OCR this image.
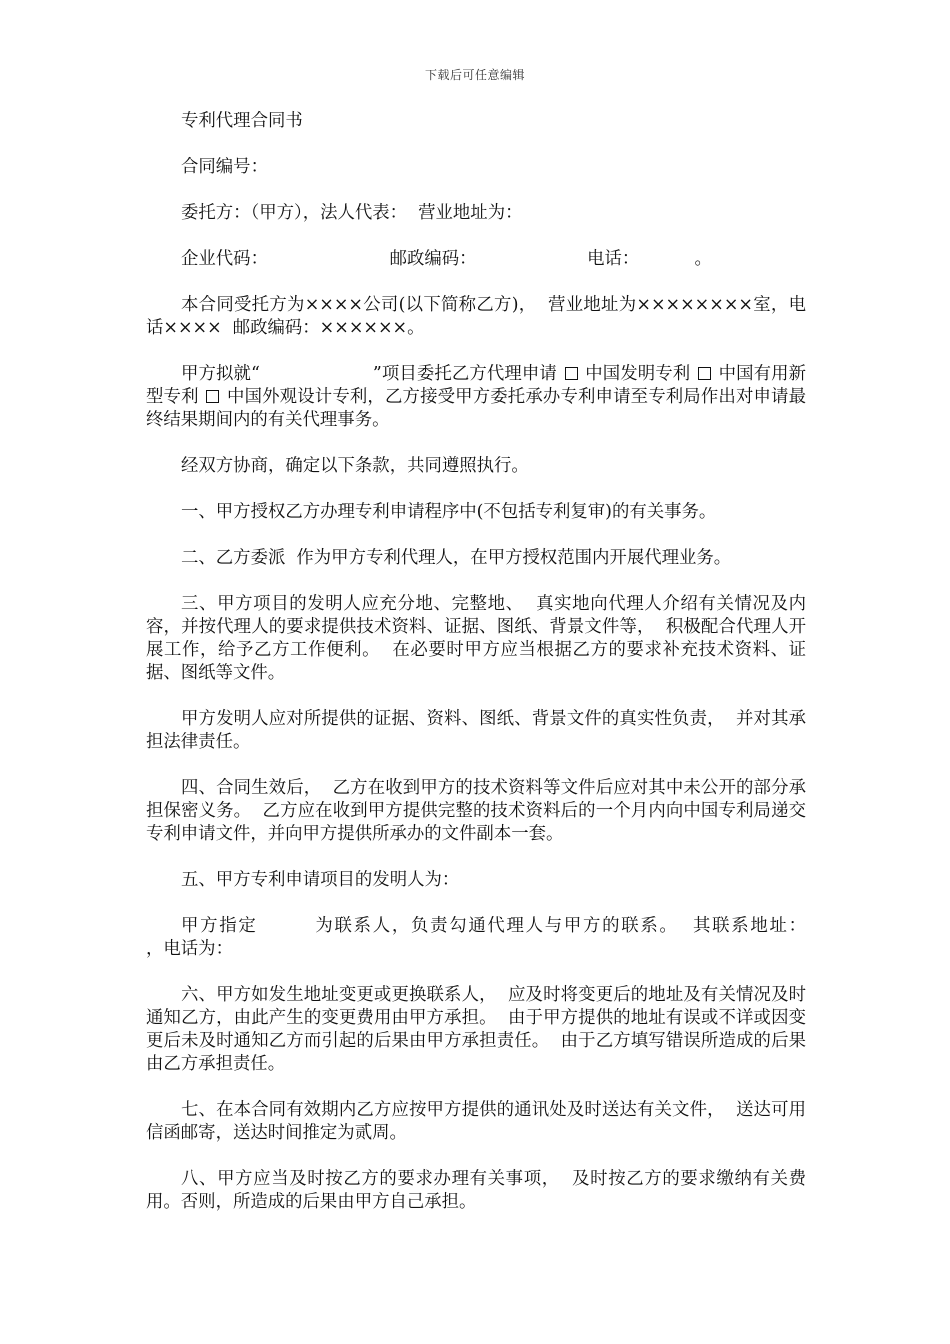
下载后可任意编辑

专利代理合同书

合同编号：

委托方：（甲方），法人代表：  营业地址为：

企业代码：                      邮政编码：                    电话：          。

本合同受托方为××××公司(以下简称乙方)，  营业地址为××××××××室，电话××××  邮政编码：××××××。

甲方拟就“                    ”项目委托乙方代理申请 中国发明专利 中国有用新型专利 中国外观设计专利，乙方接受甲方委托承办专利申请至专利局作出对申请最终结果期间内的有关代理事务。

经双方协商，确定以下条款，共同遵照执行。

一、甲方授权乙方办理专利申请程序中(不包括专利复审)的有关事务。

二、乙方委派  作为甲方专利代理人，在甲方授权范围内开展代理业务。

三、甲方项目的发明人应充分地、完整地、  真实地向代理人介绍有关情况及内容，并按代理人的要求提供技术资料、证据、图纸、背景文件等，  积极配合代理人开展工作，给予乙方工作便利。  在必要时甲方应当根据乙方的要求补充技术资料、证据、图纸等文件。

甲方发明人应对所提供的证据、资料、图纸、背景文件的真实性负责，  并对其承担法律责任。

四、合同生效后，  乙方在收到甲方的技术资料等文件后应对其中未公开的部分承担保密义务。  乙方应在收到甲方提供完整的技术资料后的一个月内向中国专利局递交专利申请文件，并向甲方提供所承办的文件副本一套。

五、甲方专利申请项目的发明人为：

甲方指定        为联系人，负责勾通代理人与甲方的联系。  其联系地址：                    ，电话为：

六、甲方如发生地址变更或更换联系人，  应及时将变更后的地址及有关情况及时通知乙方，由此产生的变更费用由甲方承担。  由于甲方提供的地址有误或不详或因变更后未及时通知乙方而引起的后果由甲方承担责任。  由于乙方填写错误所造成的后果由乙方承担责任。

七、在本合同有效期内乙方应按甲方提供的通讯处及时送达有关文件，  送达可用信函邮寄，送达时间推定为贰周。

八、甲方应当及时按乙方的要求办理有关事项，  及时按乙方的要求缴纳有关费用。否则，所造成的后果由甲方自己承担。
